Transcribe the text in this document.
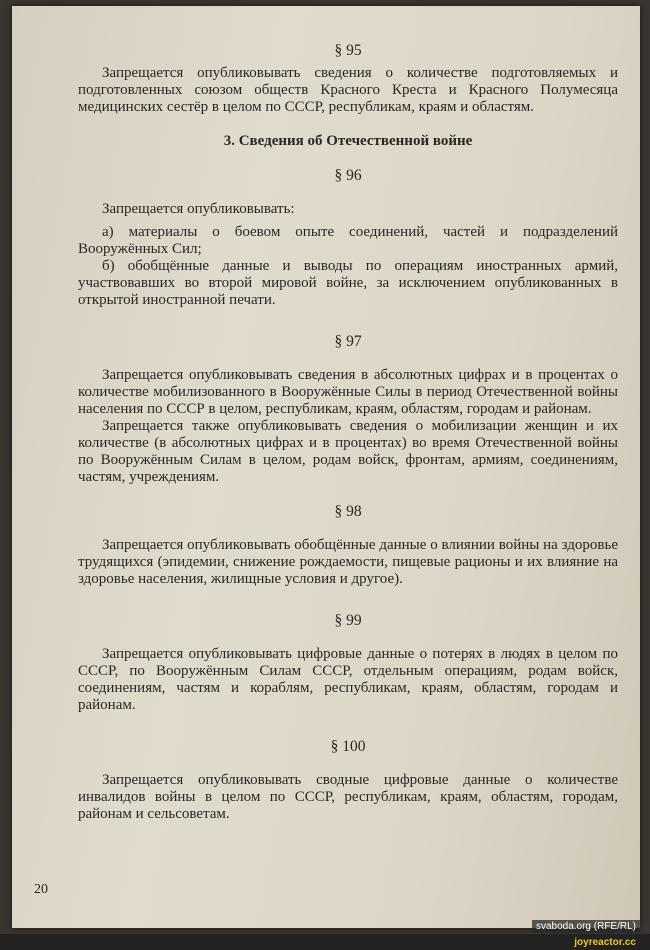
§ 95

Запрещается опубликовывать сведения о количестве подготовляемых и подготовленных союзом обществ Красного Креста и Красного Полумесяца медицинских сестёр в целом по СССР, республикам, краям и областям.

3. Сведения об Отечественной войне

§ 96

Запрещается опубликовывать:

а) материалы о боевом опыте соединений, частей и подразделений Вооружённых Сил;

б) обобщённые данные и выводы по операциям иностранных армий, участвовавших во второй мировой войне, за исключением опубликованных в открытой иностранной печати.

§ 97

Запрещается опубликовывать сведения в абсолютных цифрах и в процентах о количестве мобилизованного в Вооружённые Силы в период Отечественной войны населения по СССР в целом, республикам, краям, областям, городам и районам.

Запрещается также опубликовывать сведения о мобилизации женщин и их количестве (в абсолютных цифрах и в процентах) во время Отечественной войны по Вооружённым Силам в целом, родам войск, фронтам, армиям, соединениям, частям, учреждениям.

§ 98

Запрещается опубликовывать обобщённые данные о влиянии войны на здоровье трудящихся (эпидемии, снижение рождаемости, пищевые рационы и их влияние на здоровье населения, жилищные условия и другое).

§ 99

Запрещается опубликовывать цифровые данные о потерях в людях в целом по СССР, по Вооружённым Силам СССР, отдельным операциям, родам войск, соединениям, частям и кораблям, республикам, краям, областям, городам и районам.

§ 100

Запрещается опубликовывать сводные цифровые данные о количестве инвалидов войны в целом по СССР, республикам, краям, областям, городам, районам и сельсоветам.

20
svaboda.org (RFE/RL)
joyreactor.cc
